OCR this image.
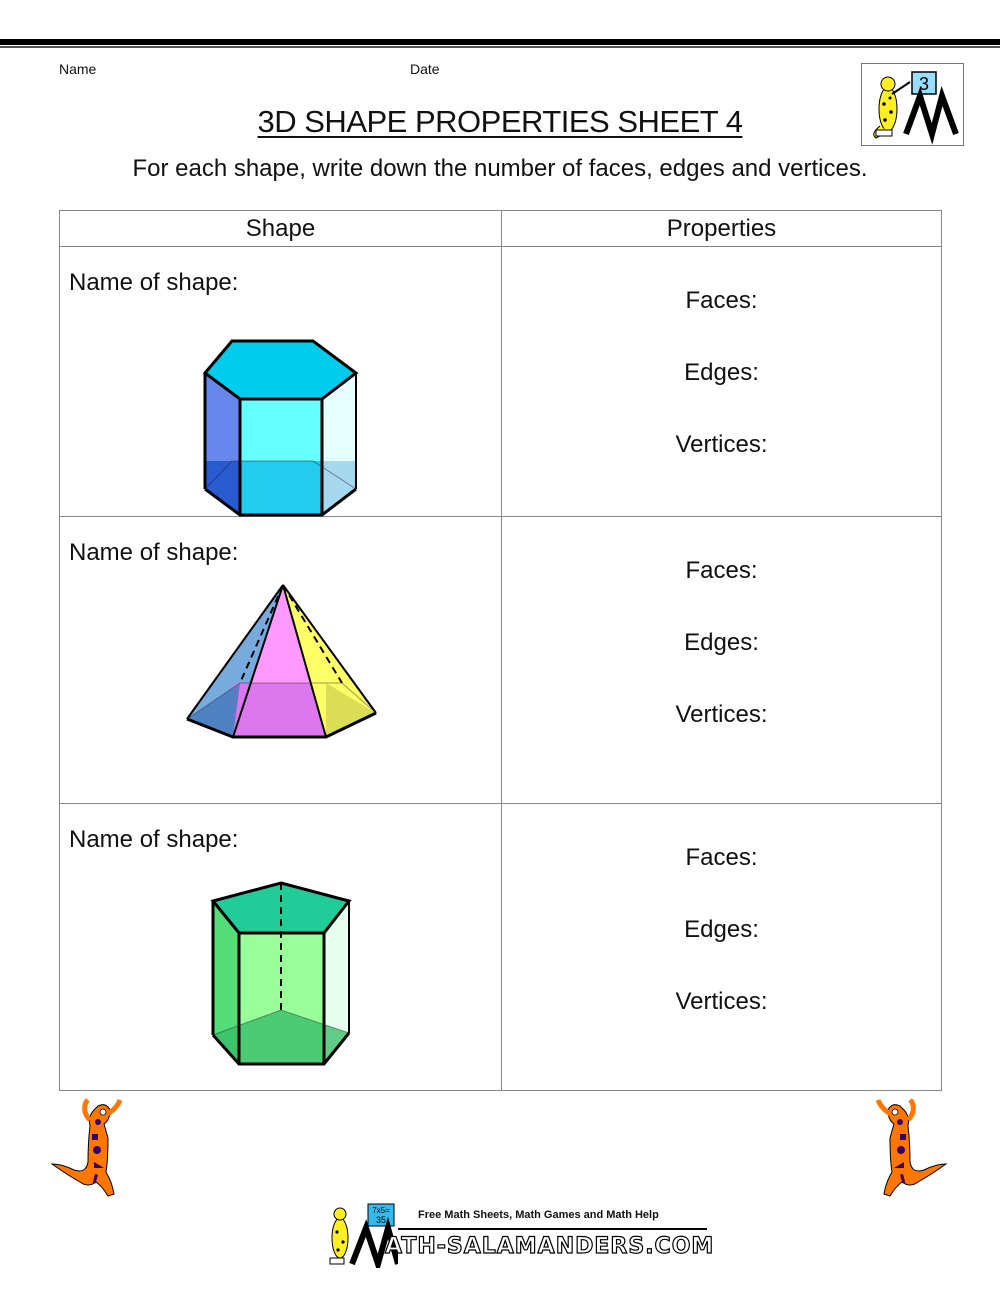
Name	Date
3
3D SHAPE PROPERTIES SHEET 4
For each shape, write down the number of faces, edges and vertices.
Shape	Properties

Name of shape:	Faces:
Edges:
Vertices:

Name of shape:	Faces:
Edges:
Vertices:

Name of shape:	Faces:
Edges:
Vertices:
7x5=
35	Free Math Sheets, Math Games and Math Help
ATH-SALAMANDERS.COM
